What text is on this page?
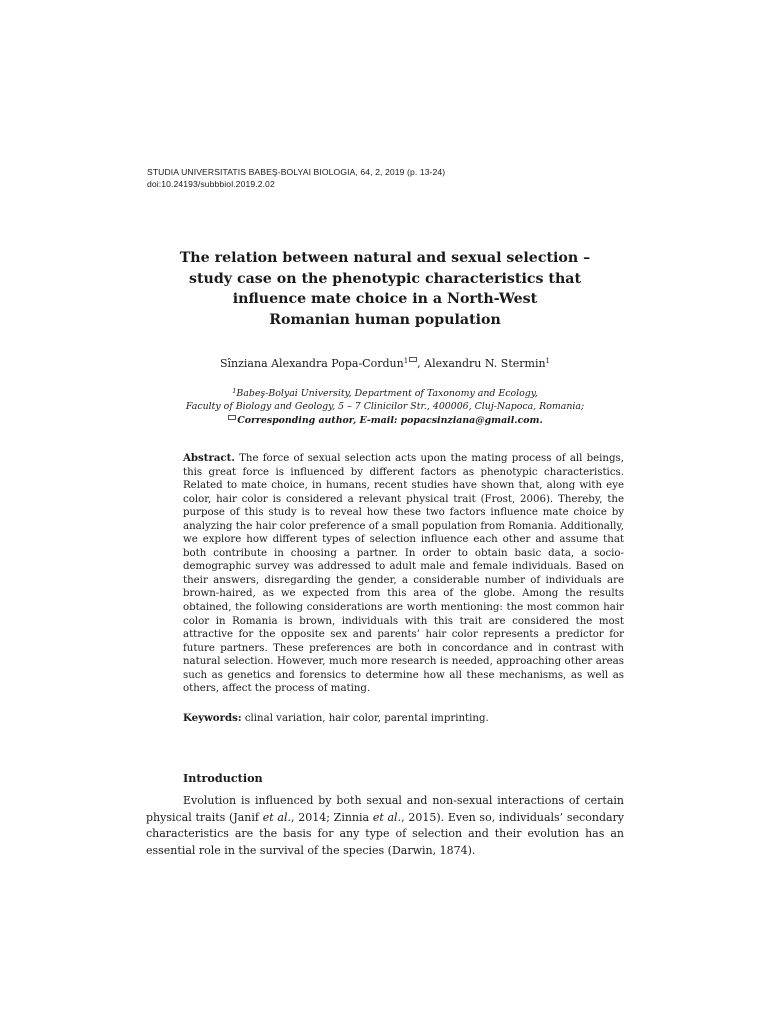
STUDIA UNIVERSITATIS BABEŞ-BOLYAI BIOLOGIA, 64, 2, 2019 (p. 13-24)
doi:10.24193/subbbiol.2019.2.02
The relation between natural and sexual selection –
study case on the phenotypic characteristics that
influence mate choice in a North-West
Romanian human population
Sînziana Alexandra Popa-Cordun$^1$ , Alexandru N. Stermin$^1$
$^1$Babeş-Bolyai University, Department of Taxonomy and Ecology,
Faculty of Biology and Geology, 5 – 7 Clinicilor Str., 400006, Cluj-Napoca, Romania;
Corresponding author, E-mail: popacsinziana@gmail.com.
Abstract. The force of sexual selection acts upon the mating process of all beings, this great force is influenced by different factors as phenotypic characteristics. Related to mate choice, in humans, recent studies have shown that, along with eye color, hair color is considered a relevant physical trait (Frost, 2006). Thereby, the purpose of this study is to reveal how these two factors influence mate choice by analyzing the hair color preference of a small population from Romania. Additionally, we explore how different types of selection influence each other and assume that both contribute in choosing a partner. In order to obtain basic data, a socio-demographic survey was addressed to adult male and female individuals. Based on their answers, disregarding the gender, a considerable number of individuals are brown-haired, as we expected from this area of the globe. Among the results obtained, the following considerations are worth mentioning: the most common hair color in Romania is brown, individuals with this trait are considered the most attractive for the opposite sex and parents’ hair color represents a predictor for future partners. These preferences are both in concordance and in contrast with natural selection. However, much more research is needed, approaching other areas such as genetics and forensics to determine how all these mechanisms, as well as others, affect the process of mating.
Keywords: clinal variation, hair color, parental imprinting.
Introduction
Evolution is influenced by both sexual and non-sexual interactions of certain physical traits (Janif et al., 2014; Zinnia et al., 2015). Even so, individuals’ secondary characteristics are the basis for any type of selection and their evolution has an essential role in the survival of the species (Darwin, 1874).
